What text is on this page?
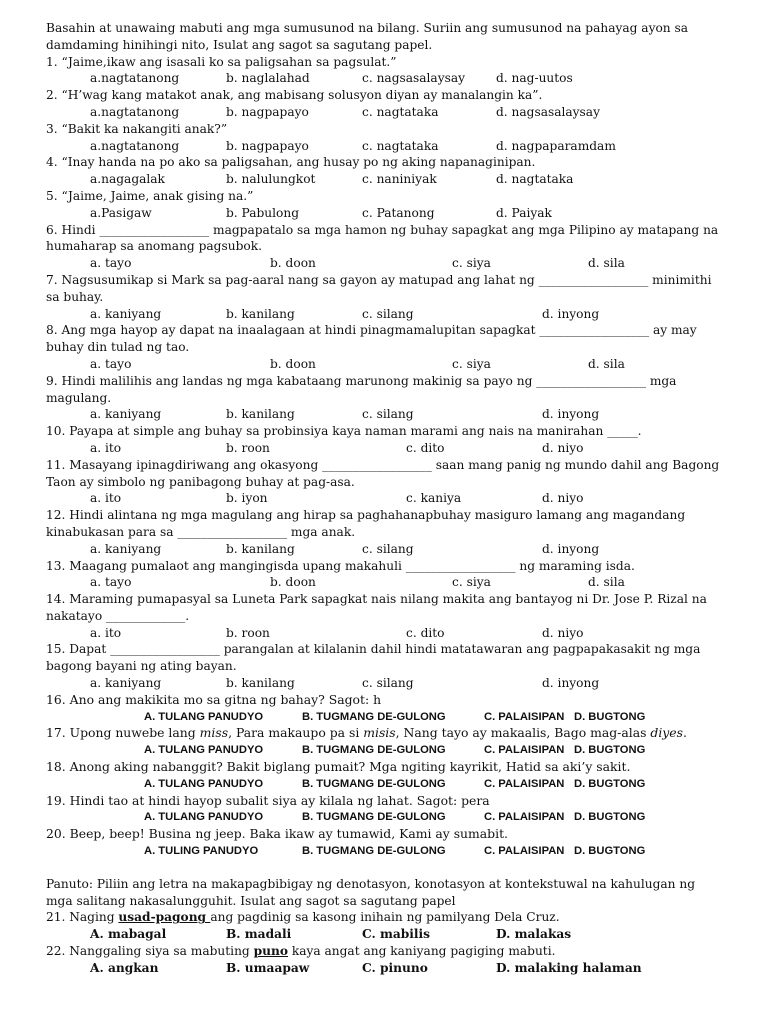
Basahin at unawaing mabuti ang mga sumusunod na bilang. Suriin ang sumusunod na pahayag ayon sa damdaming hinihingi nito, Isulat ang sagot sa sagutang papel.

1. “Jaime,ikaw ang isasali ko sa paligsahan sa pagsulat.”

a.nagtatanong	b. naglalahad	c. nagsasalaysay	d. nag-uutos

2. “H’wag kang matakot anak, ang mabisang solusyon diyan ay manalangin ka”.

a.nagtatanong	b. nagpapayo	c. nagtataka	d. nagsasalaysay

3. “Bakit ka nakangiti anak?”

a.nagtatanong	b. nagpapayo	c. nagtataka	d. nagpaparamdam

4. “Inay handa na po ako sa paligsahan, ang husay po ng aking napanaginipan.

a.nagagalak	b. nalulungkot	c. naniniyak	d. nagtataka

5. “Jaime, Jaime, anak gising na.”

a.Pasigaw	b. Pabulong	c. Patanong	d. Paiyak

6. Hindi __________________ magpapatalo sa mga hamon ng buhay sapagkat ang mga Pilipino ay matapang na humaharap sa anomang pagsubok.

a. tayo	b. doon	c. siya	d. sila

7. Nagsusumikap si Mark sa pag-aaral nang sa gayon ay matupad ang lahat ng __________________ minimithi sa buhay.

a. kaniyang	b. kanilang	c. silang	d. inyong

8. Ang mga hayop ay dapat na inaalagaan at hindi pinagmamalupitan sapagkat __________________ ay may buhay din tulad ng tao.

a. tayo	b. doon	c. siya	d. sila

9. Hindi malilihis ang landas ng mga kabataang marunong makinig sa payo ng __________________ mga magulang.

a. kaniyang	b. kanilang	c. silang	d. inyong

10. Payapa at simple ang buhay sa probinsiya kaya naman marami ang nais na manirahan _____.

a. ito	b. roon	c. dito	d. niyo

11. Masayang ipinagdiriwang ang okasyong __________________ saan mang panig ng mundo dahil ang Bagong Taon ay simbolo ng panibagong buhay at pag-asa.

a. ito	b. iyon	c. kaniya	d. niyo

12. Hindi alintana ng mga magulang ang hirap sa paghahanapbuhay masiguro lamang ang magandang kinabukasan para sa __________________ mga anak.

a. kaniyang	b. kanilang	c. silang	d. inyong

13. Maagang pumalaot ang mangingisda upang makahuli __________________ ng maraming isda.

a. tayo	b. doon	c. siya	d. sila

14. Maraming pumapasyal sa Luneta Park sapagkat nais nilang makita ang bantayog ni Dr. Jose P. Rizal na nakatayo _____________.

a. ito	b. roon	c. dito	d. niyo

15. Dapat __________________ parangalan at kilalanin dahil hindi matatawaran ang pagpapakasakit ng mga bagong bayani ng ating bayan.

a. kaniyang	b. kanilang	c. silang	d. inyong

16. Ano ang makikita mo sa gitna ng bahay? Sagot: h

A. TULANG PANUDYO	B. TUGMANG DE-GULONG	C. PALAISIPAN D. BUGTONG

17. Upong nuwebe lang miss, Para makaupo pa si misis, Nang tayo ay makaalis, Bago mag-alas diyes.

A. TULANG PANUDYO	B. TUGMANG DE-GULONG	C. PALAISIPAN D. BUGTONG

18. Anong aking nabanggit? Bakit biglang pumait? Mga ngiting kayrikit, Hatid sa aki’y sakit.

A. TULANG PANUDYO	B. TUGMANG DE-GULONG	C. PALAISIPAN D. BUGTONG

19. Hindi tao at hindi hayop subalit siya ay kilala ng lahat. Sagot: pera

A. TULANG PANUDYO	B. TUGMANG DE-GULONG	C. PALAISIPAN D. BUGTONG

20. Beep, beep! Busina ng jeep. Baka ikaw ay tumawid, Kami ay sumabit.

A. TULING PANUDYO	B. TUGMANG DE-GULONG	C. PALAISIPAN D. BUGTONG

Panuto: Piliin ang letra na makapagbibigay ng denotasyon, konotasyon at kontekstuwal na kahulugan ng mga salitang nakasalungguhit. Isulat ang sagot sa sagutang papel

21. Naging usad-pagong ang pagdinig sa kasong inihain ng pamilyang Dela Cruz.

A. mabagal	B. madali	C. mabilis	D. malakas

22. Nanggaling siya sa mabuting puno kaya angat ang kaniyang pagiging mabuti.

A. angkan	B. umaapaw	C. pinuno	D. malaking halaman
